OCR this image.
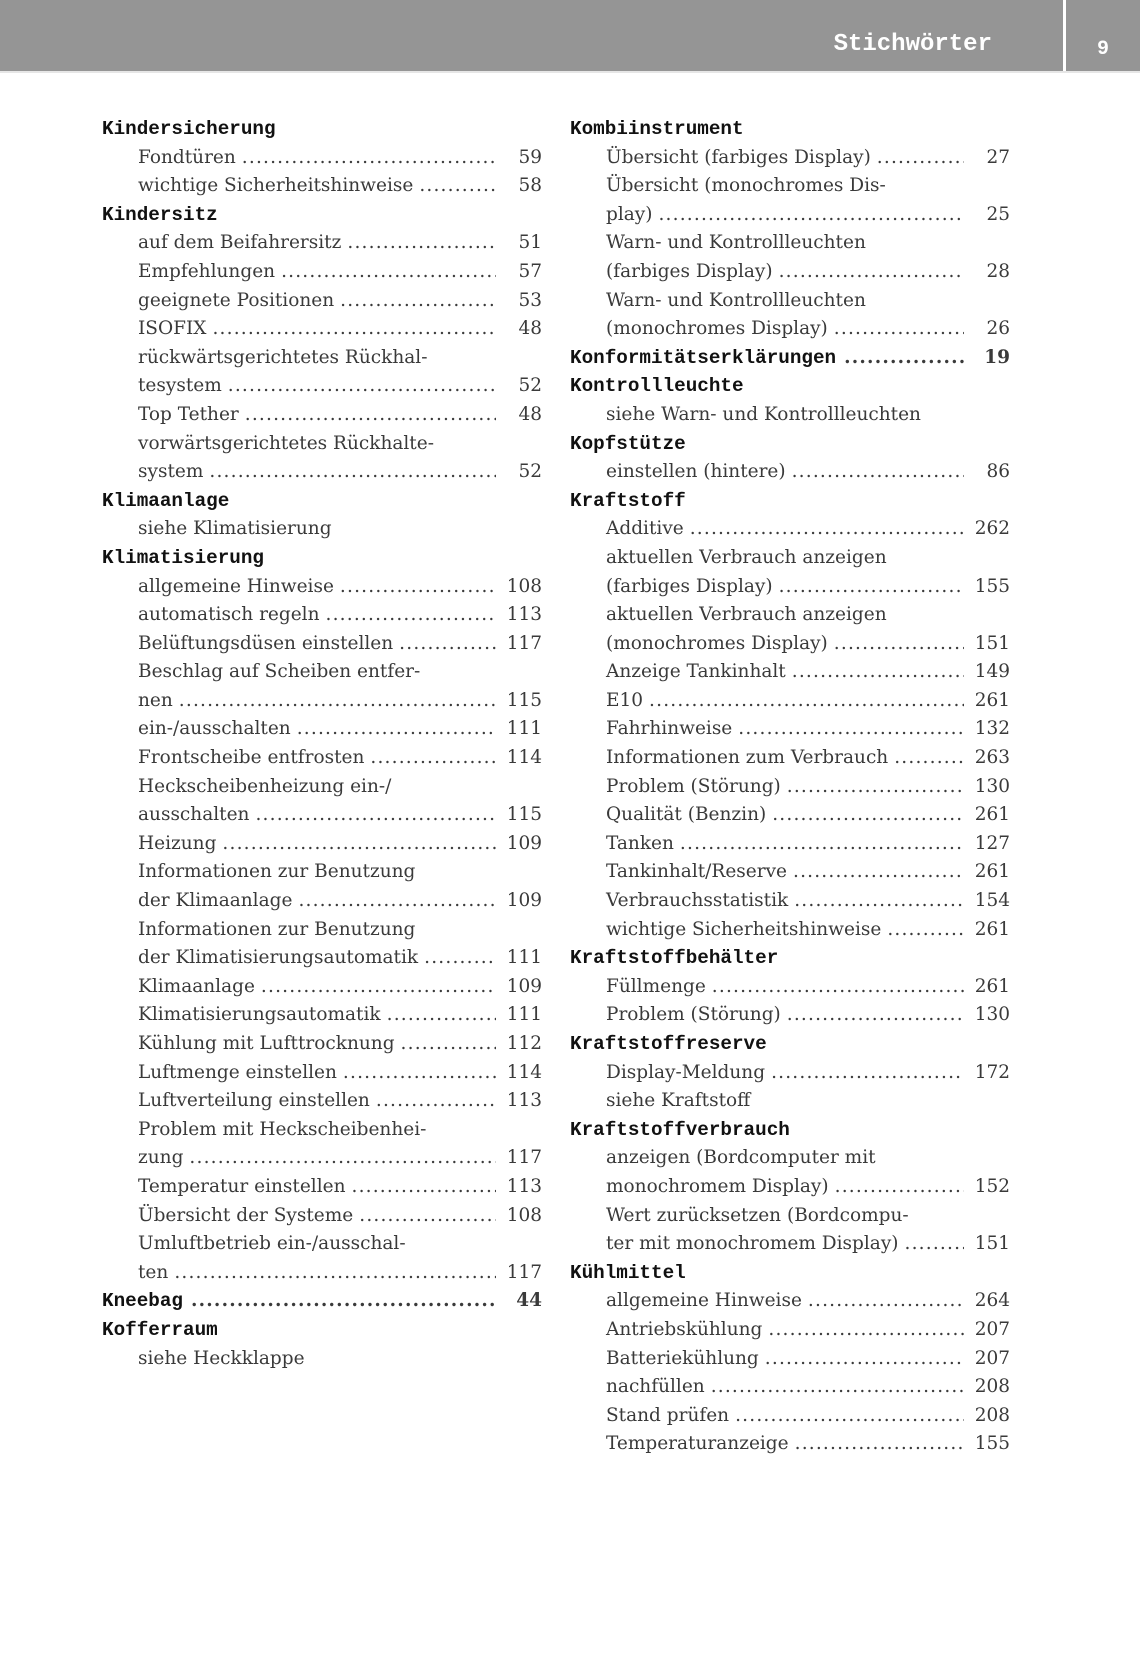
Stichwörter	9
Kindersicherung
Fondtüren .....	59
wichtige Sicherheitshinweise .....	58
Kindersitz
auf dem Beifahrersitz .....	51
Empfehlungen .....	57
geeignete Positionen .....	53
ISOFIX .....	48
rückwärtsgerichtetes Rückhal-
tesystem .....	52
Top Tether .....	48
vorwärtsgerichtetes Rückhalte-
system .....	52
Klimaanlage
siehe Klimatisierung
Klimatisierung
allgemeine Hinweise .....	108
automatisch regeln .....	113
Belüftungsdüsen einstellen .....	117
Beschlag auf Scheiben entfer-
nen .....	115
ein-/ausschalten .....	111
Frontscheibe entfrosten .....	114
Heckscheibenheizung ein-/
ausschalten .....	115
Heizung .....	109
Informationen zur Benutzung
der Klimaanlage .....	109
Informationen zur Benutzung
der Klimatisierungsautomatik .....	111
Klimaanlage .....	109
Klimatisierungsautomatik .....	111
Kühlung mit Lufttrocknung .....	112
Luftmenge einstellen .....	114
Luftverteilung einstellen .....	113
Problem mit Heckscheibenhei-
zung .....	117
Temperatur einstellen .....	113
Übersicht der Systeme .....	108
Umluftbetrieb ein-/ausschal-
ten .....	117
Kneebag .....	44
Kofferraum
siehe Heckklappe
Kombiinstrument
Übersicht (farbiges Display) .....	27
Übersicht (monochromes Dis-
play) .....	25
Warn- und Kontrollleuchten
(farbiges Display) .....	28
Warn- und Kontrollleuchten
(monochromes Display) .....	26
Konformitätserklärungen .....	19
Kontrollleuchte
siehe Warn- und Kontrollleuchten
Kopfstütze
einstellen (hintere) .....	86
Kraftstoff
Additive .....	262
aktuellen Verbrauch anzeigen
(farbiges Display) .....	155
aktuellen Verbrauch anzeigen
(monochromes Display) .....	151
Anzeige Tankinhalt .....	149
E10 .....	261
Fahrhinweise .....	132
Informationen zum Verbrauch .....	263
Problem (Störung) .....	130
Qualität (Benzin) .....	261
Tanken .....	127
Tankinhalt/Reserve .....	261
Verbrauchsstatistik .....	154
wichtige Sicherheitshinweise .....	261
Kraftstoffbehälter
Füllmenge .....	261
Problem (Störung) .....	130
Kraftstoffreserve
Display-Meldung .....	172
siehe Kraftstoff
Kraftstoffverbrauch
anzeigen (Bordcomputer mit
monochromem Display) .....	152
Wert zurücksetzen (Bordcompu-
ter mit monochromem Display) .....	151
Kühlmittel
allgemeine Hinweise .....	264
Antriebskühlung .....	207
Batteriekühlung .....	207
nachfüllen .....	208
Stand prüfen .....	208
Temperaturanzeige .....	155
